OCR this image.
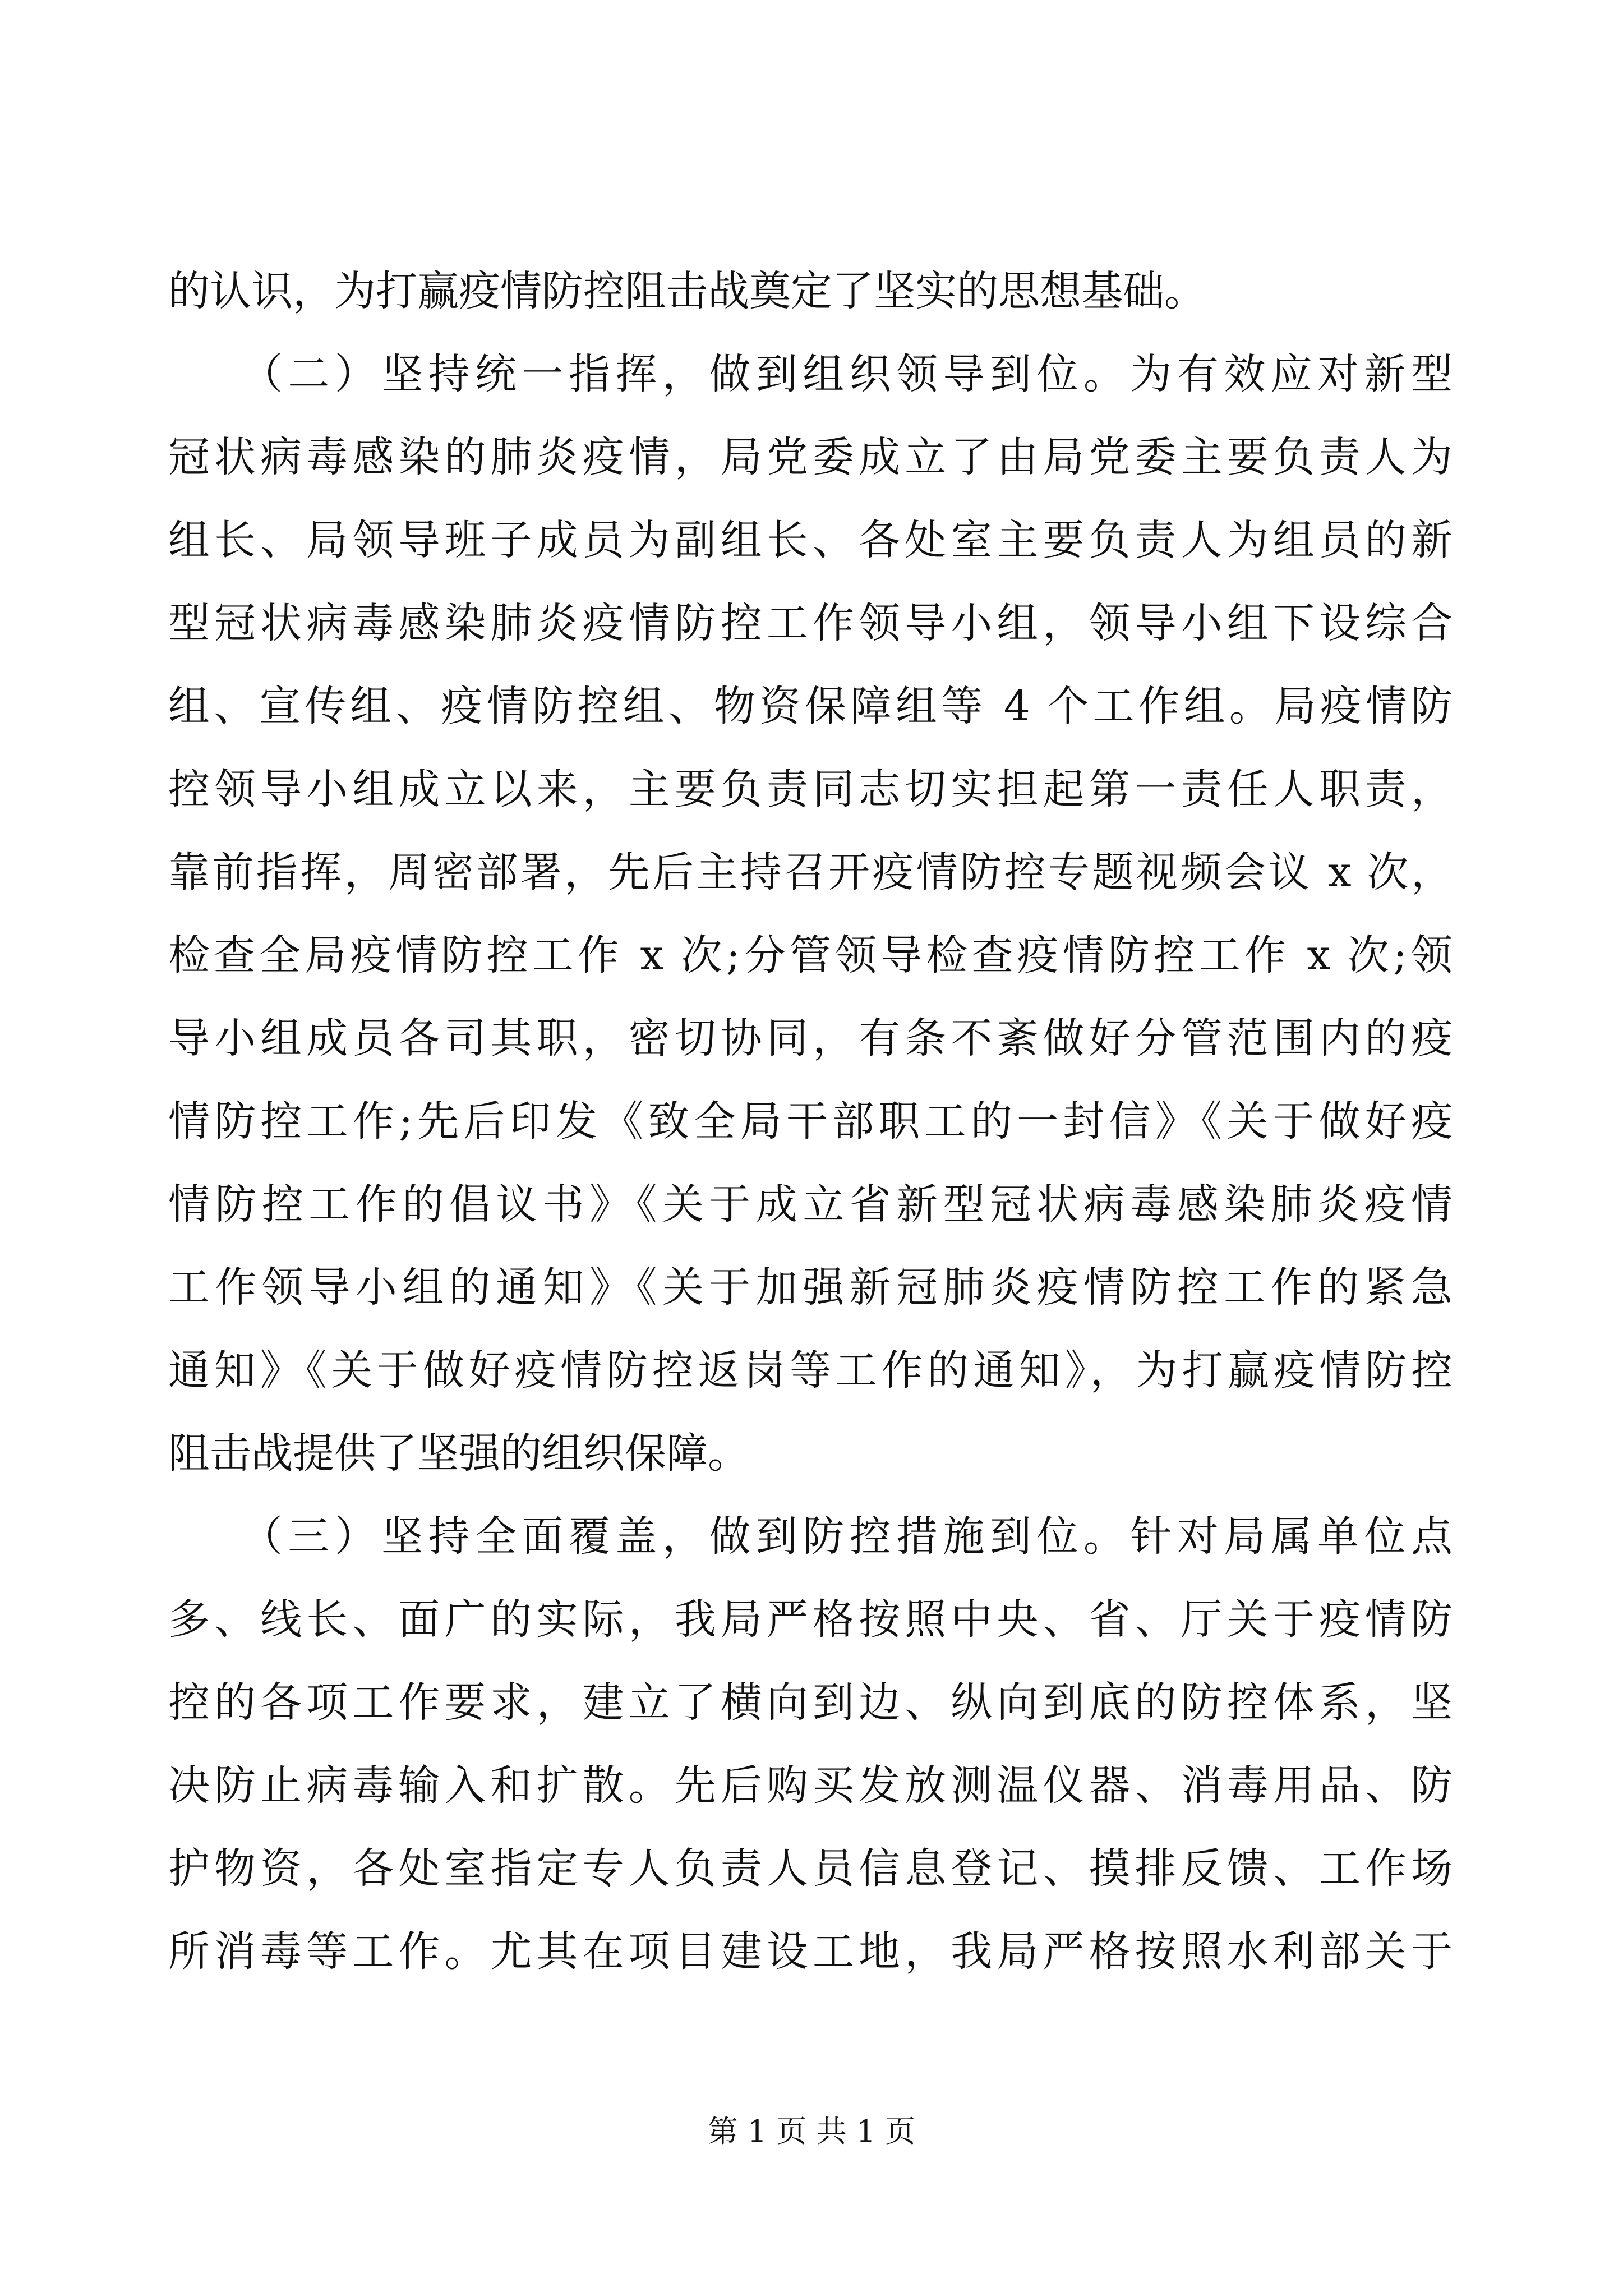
的认识，为打赢疫情防控阻击战奠定了坚实的思想基础。
　　（二）坚持统一指挥，做到组织领导到位。为有效应对新型
冠状病毒感染的肺炎疫情，局党委成立了由局党委主要负责人为
组长、局领导班子成员为副组长、各处室主要负责人为组员的新
型冠状病毒感染肺炎疫情防控工作领导小组，领导小组下设综合
组、宣传组、疫情防控组、物资保障组等 4 个工作组。局疫情防
控领导小组成立以来，主要负责同志切实担起第一责任人职责，
靠前指挥，周密部署，先后主持召开疫情防控专题视频会议 x 次，
检查全局疫情防控工作 x 次;分管领导检查疫情防控工作 x 次;领
导小组成员各司其职，密切协同，有条不紊做好分管范围内的疫
情防控工作;先后印发《致全局干部职工的一封信》《关于做好疫
情防控工作的倡议书》《关于成立省新型冠状病毒感染肺炎疫情
工作领导小组的通知》《关于加强新冠肺炎疫情防控工作的紧急
通知》《关于做好疫情防控返岗等工作的通知》，为打赢疫情防控
阻击战提供了坚强的组织保障。
　　（三）坚持全面覆盖，做到防控措施到位。针对局属单位点
多、线长、面广的实际，我局严格按照中央、省、厅关于疫情防
控的各项工作要求，建立了横向到边、纵向到底的防控体系，坚
决防止病毒输入和扩散。先后购买发放测温仪器、消毒用品、防
护物资，各处室指定专人负责人员信息登记、摸排反馈、工作场
所消毒等工作。尤其在项目建设工地，我局严格按照水利部关于
第 1 页 共 1 页
